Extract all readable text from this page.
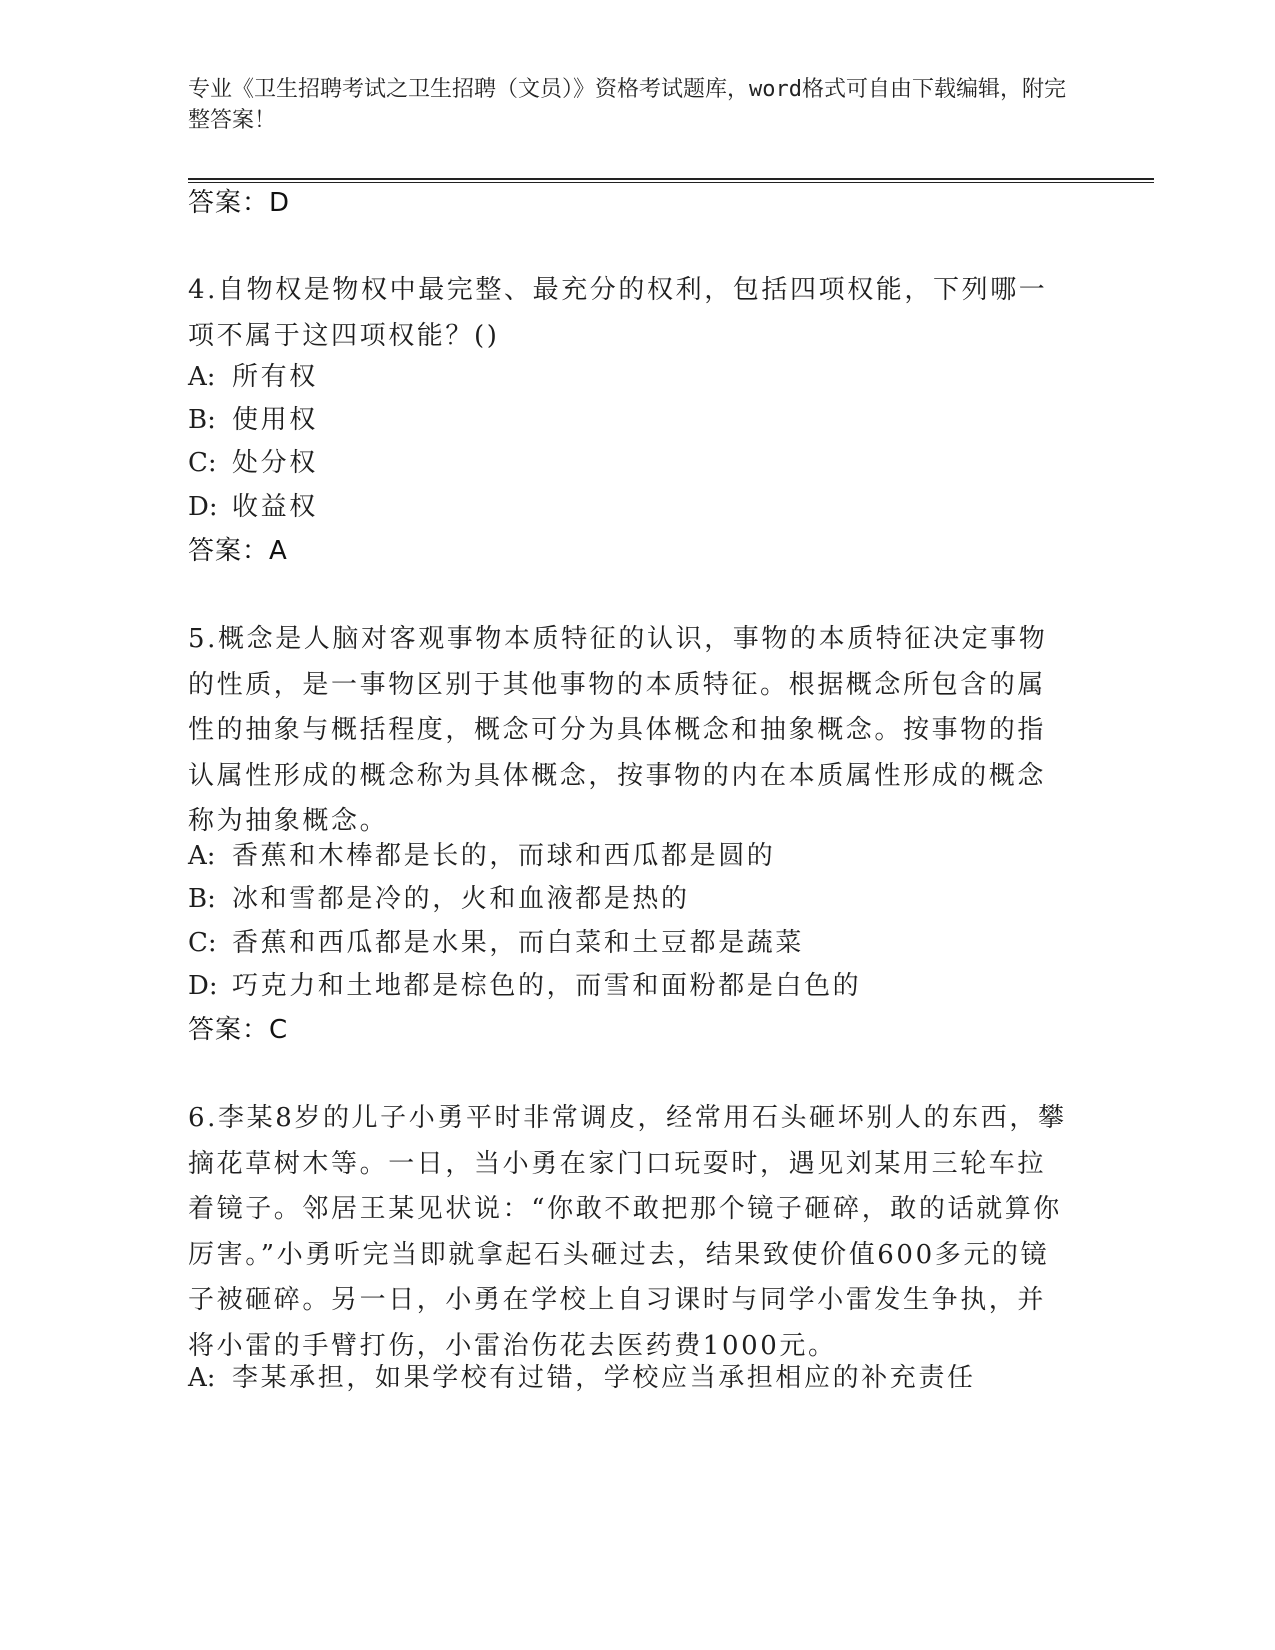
专业《卫生招聘考试之卫生招聘（文员）》资格考试题库，word格式可自由下载编辑，附完整答案！
答案：D
4.自物权是物权中最完整、最充分的权利，包括四项权能，下列哪一项不属于这四项权能？()
A: 所有权
B: 使用权
C: 处分权
D: 收益权
答案：A
5.概念是人脑对客观事物本质特征的认识，事物的本质特征决定事物的性质，是一事物区别于其他事物的本质特征。根据概念所包含的属性的抽象与概括程度，概念可分为具体概念和抽象概念。按事物的指认属性形成的概念称为具体概念，按事物的内在本质属性形成的概念称为抽象概念。
A: 香蕉和木棒都是长的，而球和西瓜都是圆的
B: 冰和雪都是冷的，火和血液都是热的
C: 香蕉和西瓜都是水果，而白菜和土豆都是蔬菜
D: 巧克力和土地都是棕色的，而雪和面粉都是白色的
答案：C
6.李某8岁的儿子小勇平时非常调皮，经常用石头砸坏别人的东西，攀摘花草树木等。一日，当小勇在家门口玩耍时，遇见刘某用三轮车拉着镜子。邻居王某见状说：“你敢不敢把那个镜子砸碎，敢的话就算你厉害。”小勇听完当即就拿起石头砸过去，结果致使价值600多元的镜子被砸碎。另一日，小勇在学校上自习课时与同学小雷发生争执，并将小雷的手臂打伤，小雷治伤花去医药费1000元。
A: 李某承担，如果学校有过错，学校应当承担相应的补充责任
